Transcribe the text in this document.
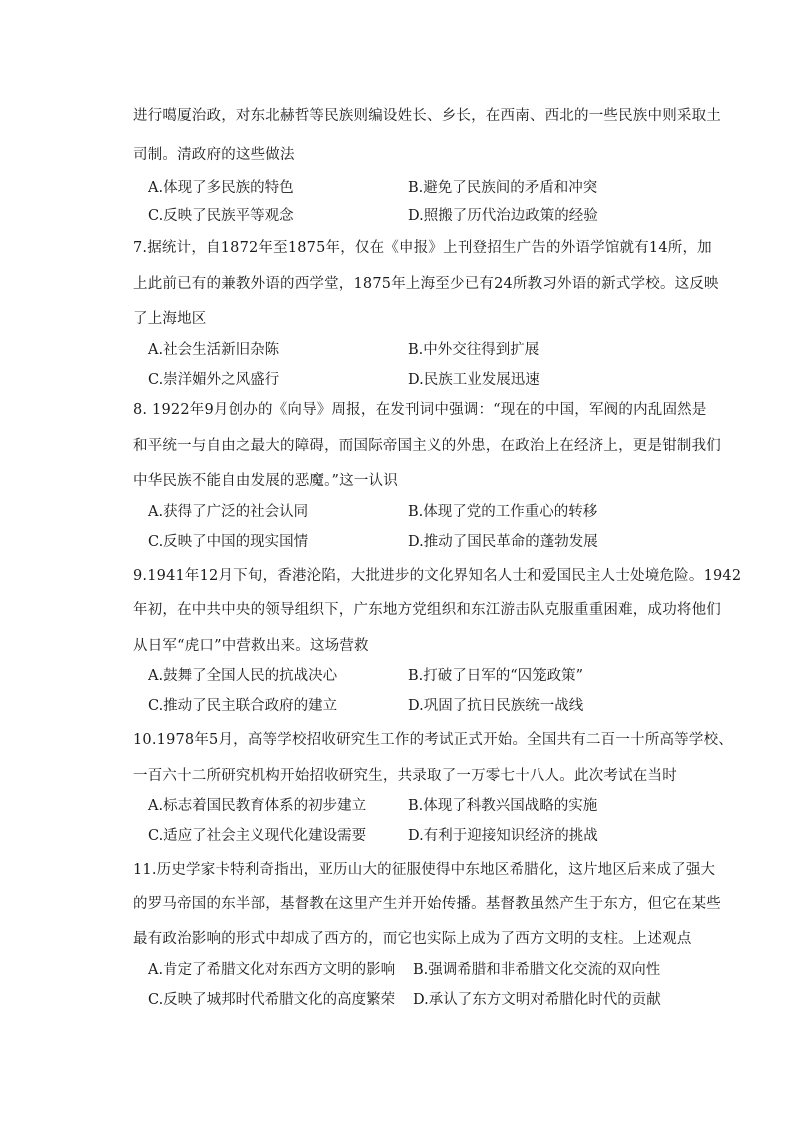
进行噶厦治政，对东北赫哲等民族则编设姓长、乡长，在西南、西北的一些民族中则采取土
司制。清政府的这些做法
A.体现了多民族的特色	B.避免了民族间的矛盾和冲突
C.反映了民族平等观念	D.照搬了历代治边政策的经验
7.据统计，自1872年至1875年，仅在《申报》上刊登招生广告的外语学馆就有14所，加
上此前已有的兼教外语的西学堂，1875年上海至少已有24所教习外语的新式学校。这反映
了上海地区
A.社会生活新旧杂陈	B.中外交往得到扩展
C.崇洋媚外之风盛行	D.民族工业发展迅速
8. 1922年9月创办的《向导》周报，在发刊词中强调：“现在的中国，军阀的内乱固然是
和平统一与自由之最大的障碍，而国际帝国主义的外患，在政治上在经济上，更是钳制我们
中华民族不能自由发展的恶魔。”这一认识
A.获得了广泛的社会认同	B.体现了党的工作重心的转移
C.反映了中国的现实国情	D.推动了国民革命的蓬勃发展
9.1941年12月下旬，香港沦陷，大批进步的文化界知名人士和爱国民主人士处境危险。1942
年初，在中共中央的领导组织下，广东地方党组织和东江游击队克服重重困难，成功将他们
从日军“虎口”中营救出来。这场营救
A.鼓舞了全国人民的抗战决心	B.打破了日军的“囚笼政策”
C.推动了民主联合政府的建立	D.巩固了抗日民族统一战线
10.1978年5月，高等学校招收研究生工作的考试正式开始。全国共有二百一十所高等学校、
一百六十二所研究机构开始招收研究生，共录取了一万零七十八人。此次考试在当时
A.标志着国民教育体系的初步建立	B.体现了科教兴国战略的实施
C.适应了社会主义现代化建设需要	D.有利于迎接知识经济的挑战
11.历史学家卡特利奇指出，亚历山大的征服使得中东地区希腊化，这片地区后来成了强大
的罗马帝国的东半部，基督教在这里产生并开始传播。基督教虽然产生于东方，但它在某些
最有政治影响的形式中却成了西方的，而它也实际上成为了西方文明的支柱。上述观点
A.肯定了希腊文化对东西方文明的影响 B.强调希腊和非希腊文化交流的双向性
C.反映了城邦时代希腊文化的高度繁荣 D.承认了东方文明对希腊化时代的贡献
